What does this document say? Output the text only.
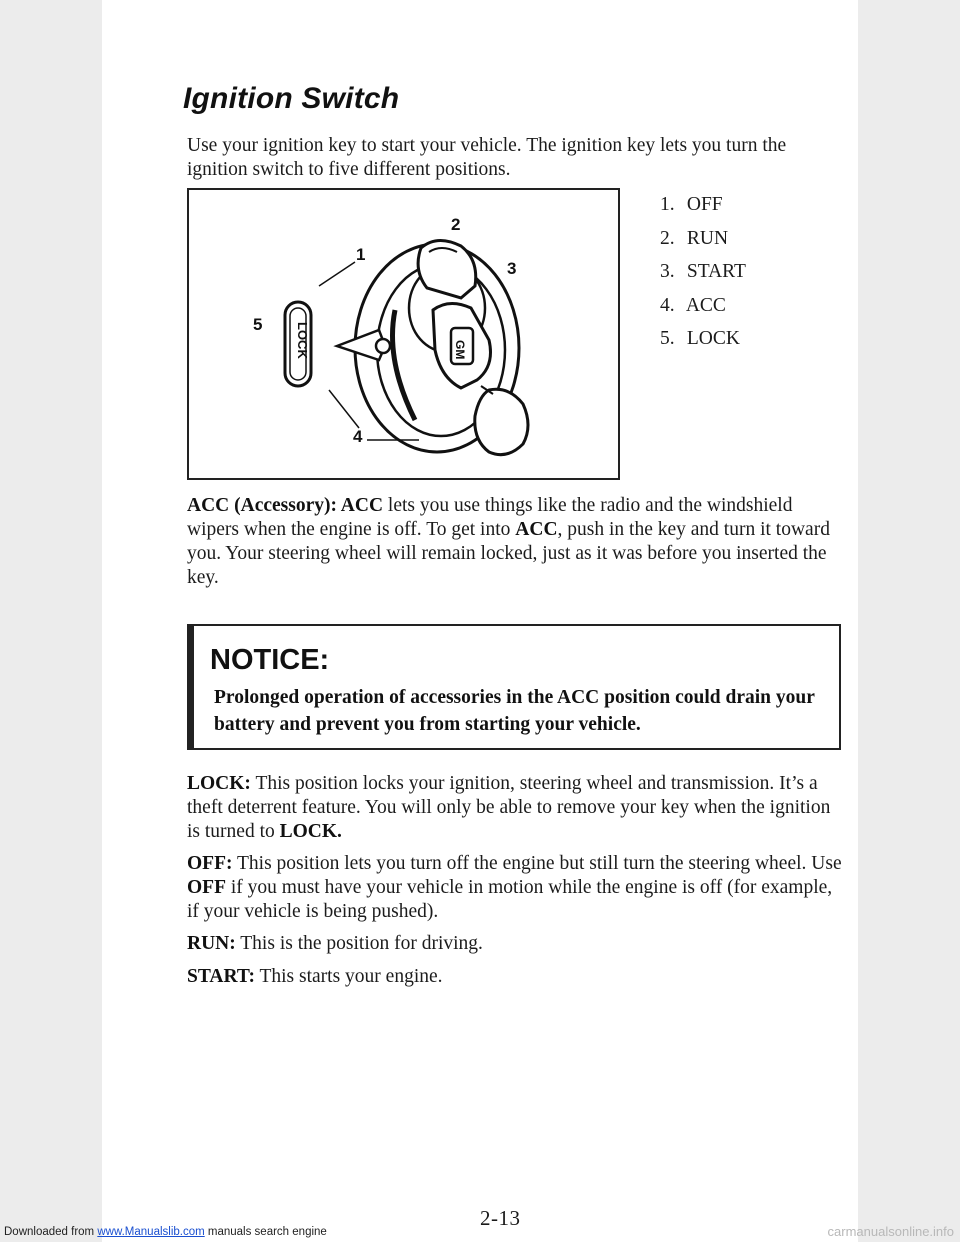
Ignition Switch

Use your ignition key to start your vehicle. The ignition key lets you turn the ignition switch to five different positions.

GM
LOCK
1
2
3
4
5
1. OFF
2. RUN
3. START
4. ACC
5. LOCK

ACC (Accessory): ACC lets you use things like the radio and the windshield wipers when the engine is off. To get into ACC, push in the key and turn it toward you. Your steering wheel will remain locked, just as it was before you inserted the key.

NOTICE:

Prolonged operation of accessories in the ACC position could drain your battery and prevent you from starting your vehicle.

LOCK: This position locks your ignition, steering wheel and transmission. It’s a theft deterrent feature. You will only be able to remove your key when the ignition is turned to LOCK.

OFF: This position lets you turn off the engine but still turn the steering wheel. Use OFF if you must have your vehicle in motion while the engine is off (for example, if your vehicle is being pushed).

RUN: This is the position for driving.

START: This starts your engine.

2-13
Downloaded from www.Manualslib.com manuals search engine	carmanualsonline.info
